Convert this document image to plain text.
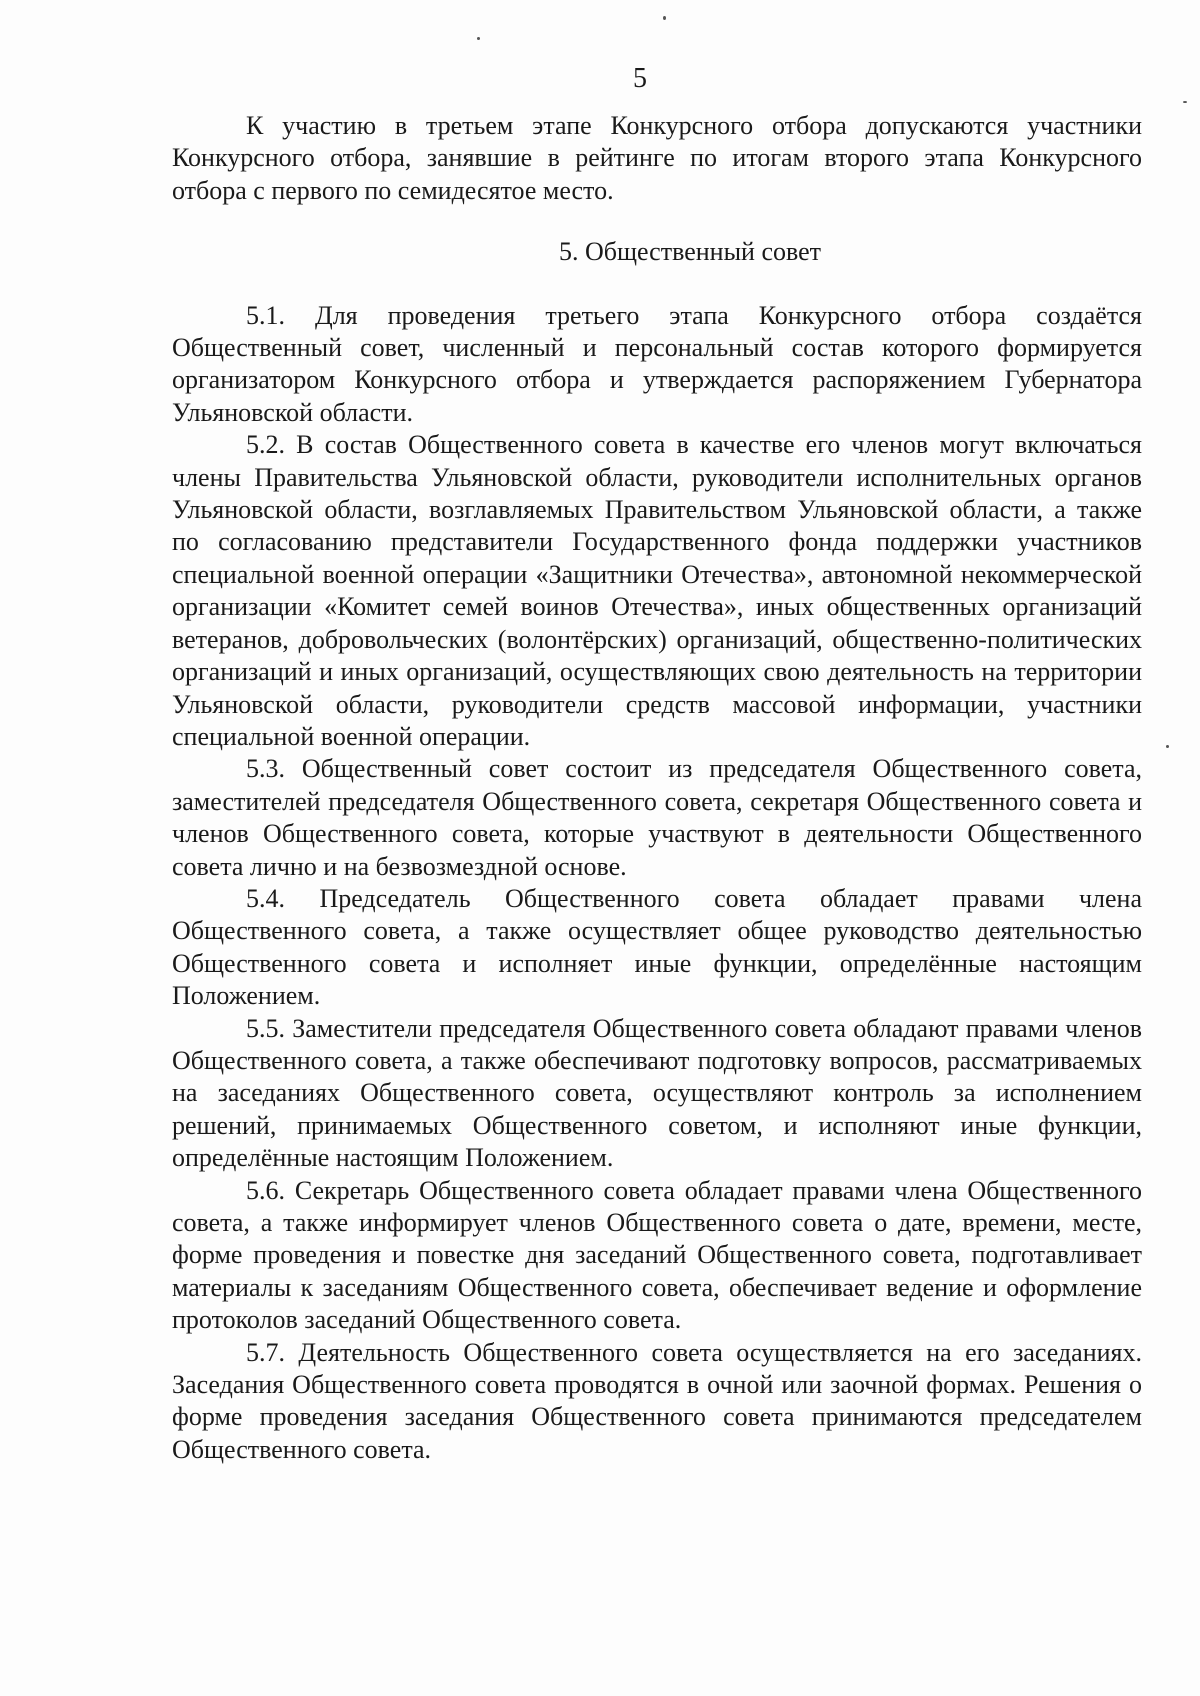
5

К участию в третьем этапе Конкурсного отбора допускаются участники Конкурсного отбора, занявшие в рейтинге по итогам второго этапа Конкурсного отбора с первого по семидесятое место.

5. Общественный совет

5.1. Для проведения третьего этапа Конкурсного отбора создаётся Общественный совет, численный и персональный состав которого формируется организатором Конкурсного отбора и утверждается распоряжением Губернатора Ульяновской области.

5.2. В состав Общественного совета в качестве его членов могут включаться члены Правительства Ульяновской области, руководители исполнительных органов Ульяновской области, возглавляемых Правительством Ульяновской области, а также по согласованию представители Государственного фонда поддержки участников специальной военной операции «Защитники Отечества», автономной некоммерческой организации «Комитет семей воинов Отечества», иных общественных организаций ветеранов, добровольческих (волонтёрских) организаций, общественно-политических организаций и иных организаций, осуществляющих свою деятельность на территории Ульяновской области, руководители средств массовой информации, участники специальной военной операции.

5.3. Общественный совет состоит из председателя Общественного совета, заместителей председателя Общественного совета, секретаря Общественного совета и членов Общественного совета, которые участвуют в деятельности Общественного совета лично и на безвозмездной основе.

5.4. Председатель Общественного совета обладает правами члена Общественного совета, а также осуществляет общее руководство деятельностью Общественного совета и исполняет иные функции, определённые настоящим Положением.

5.5. Заместители председателя Общественного совета обладают правами членов Общественного совета, а также обеспечивают подготовку вопросов, рассматриваемых на заседаниях Общественного совета, осуществляют контроль за исполнением решений, принимаемых Общественного советом, и исполняют иные функции, определённые настоящим Положением.

5.6. Секретарь Общественного совета обладает правами члена Общественного совета, а также информирует членов Общественного совета о дате, времени, месте, форме проведения и повестке дня заседаний Общественного совета, подготавливает материалы к заседаниям Общественного совета, обеспечивает ведение и оформление протоколов заседаний Общественного совета.

5.7. Деятельность Общественного совета осуществляется на его заседаниях. Заседания Общественного совета проводятся в очной или заочной формах. Решения о форме проведения заседания Общественного совета принимаются председателем Общественного совета.
